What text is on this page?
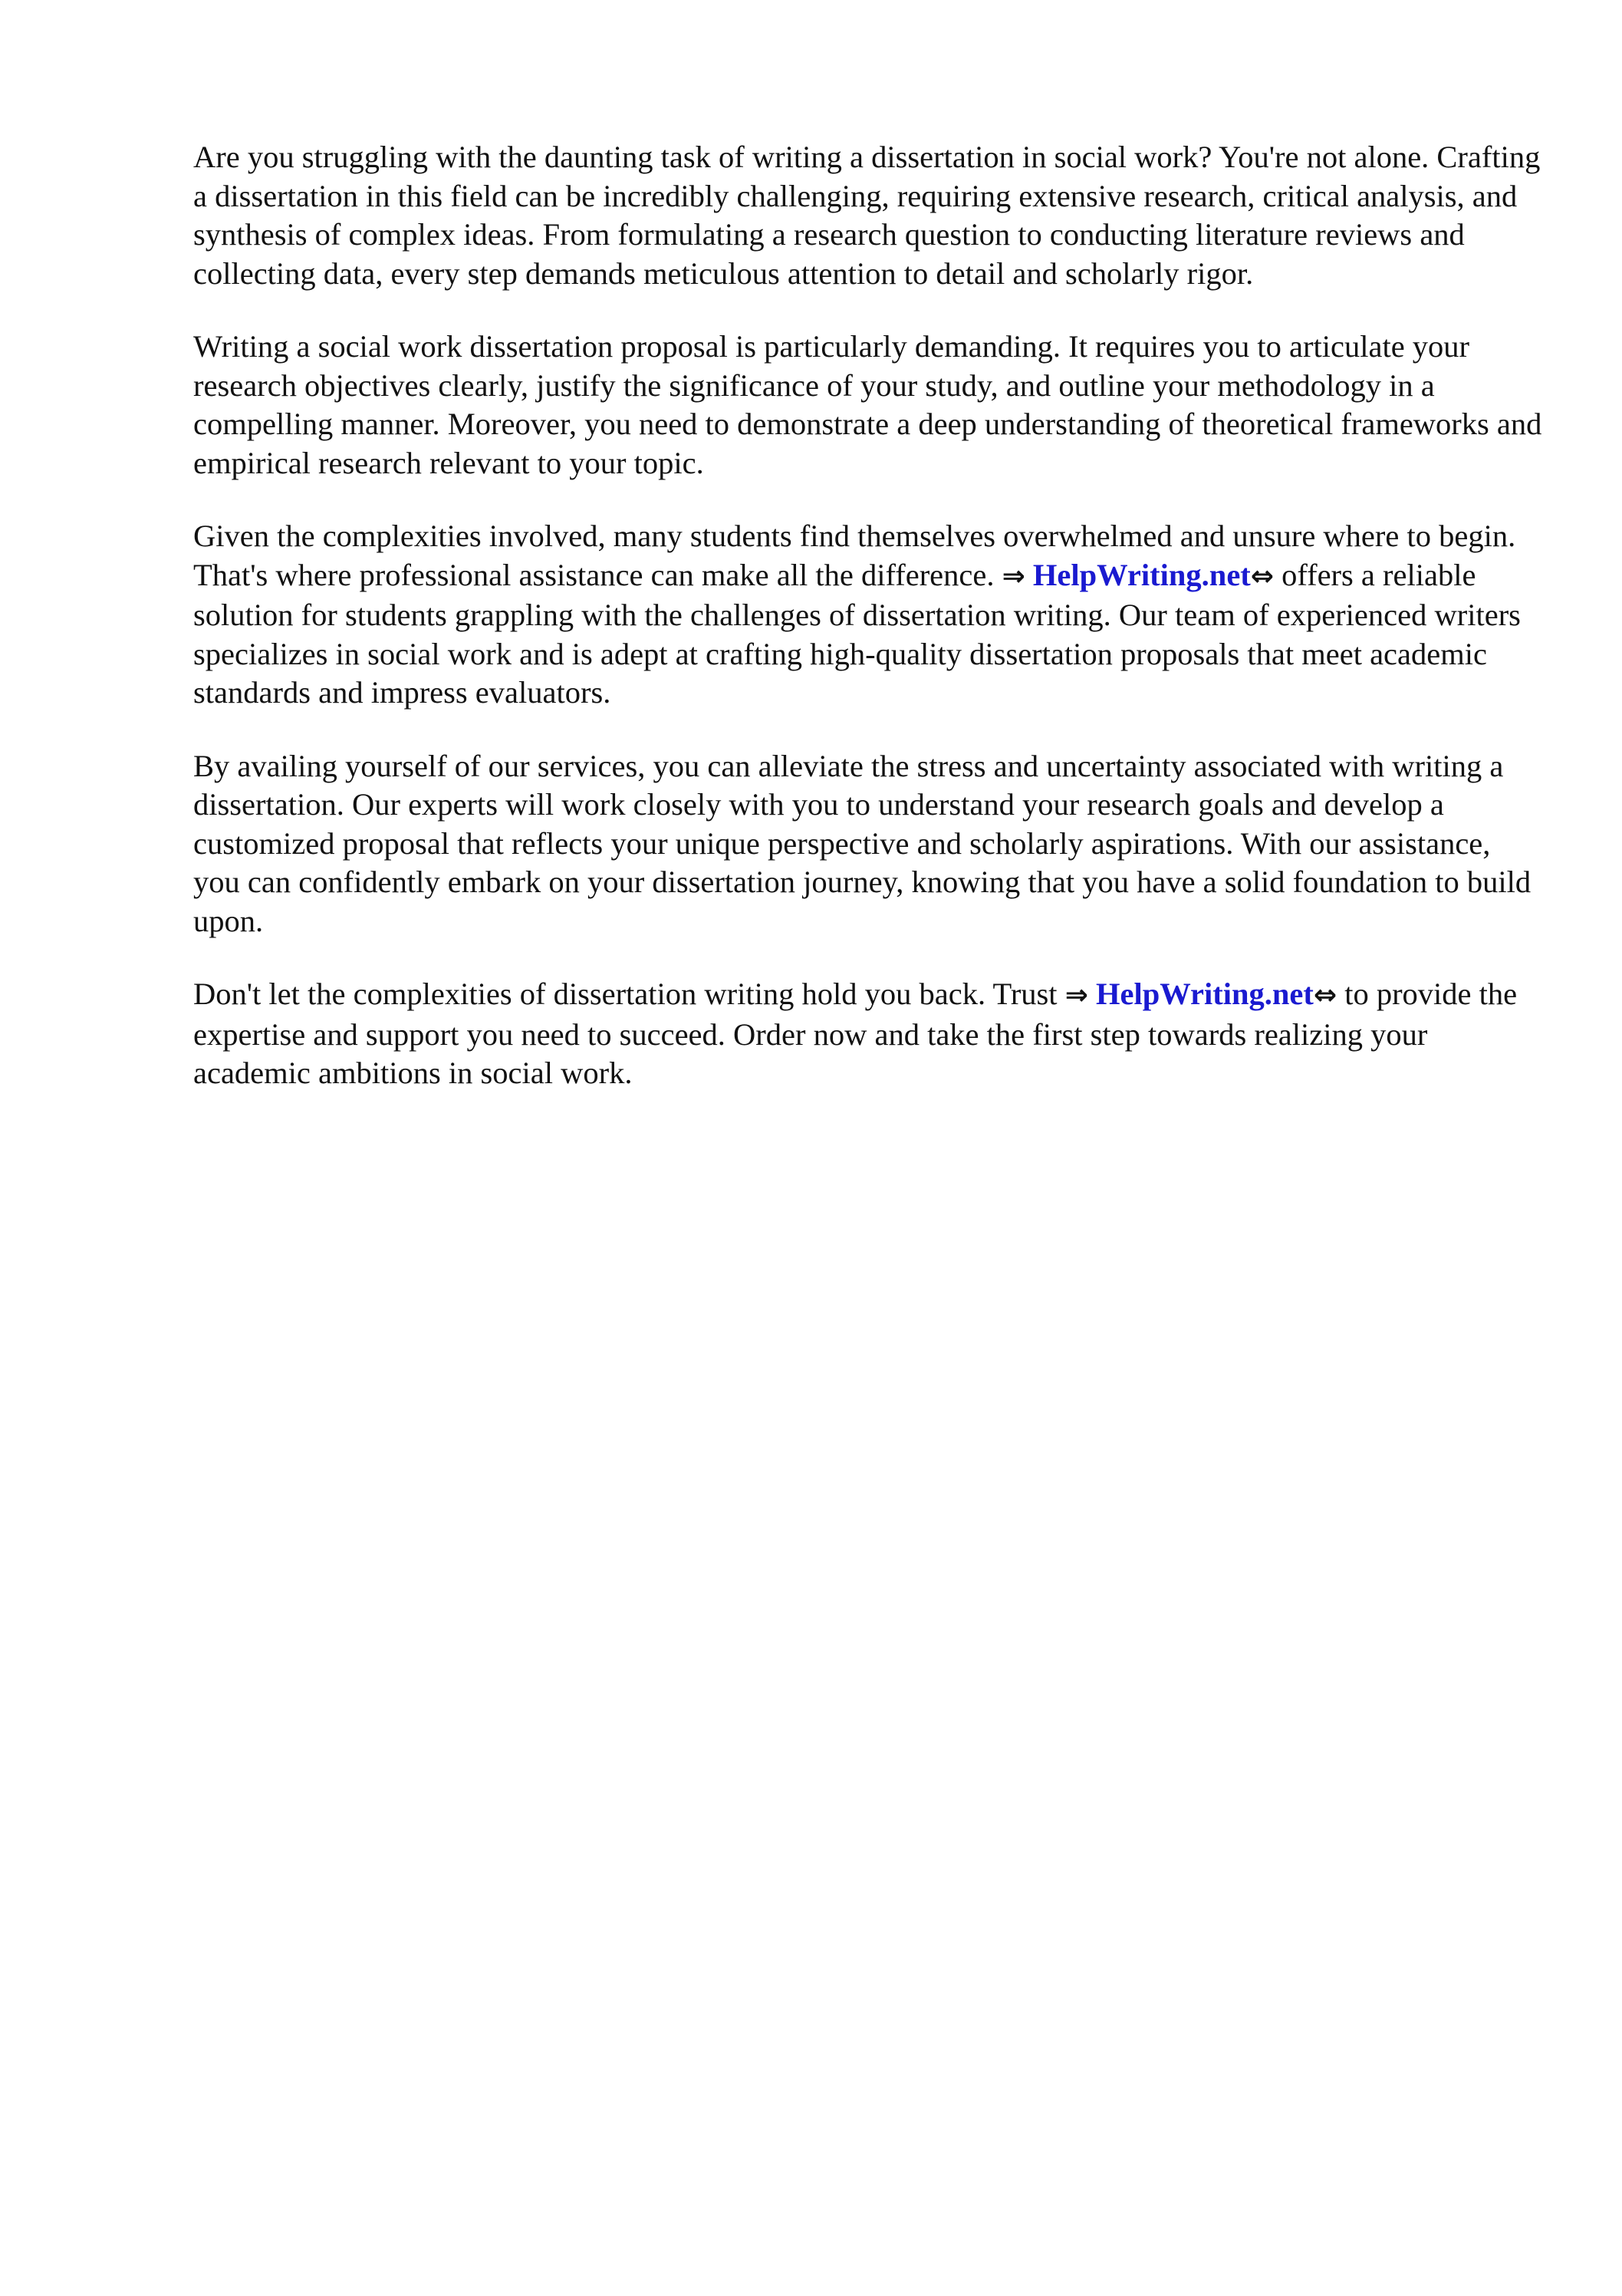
Are you struggling with the daunting task of writing a dissertation in social work? You're not alone. Crafting a dissertation in this field can be incredibly challenging, requiring extensive research, critical analysis, and synthesis of complex ideas. From formulating a research question to conducting literature reviews and collecting data, every step demands meticulous attention to detail and scholarly rigor.

Writing a social work dissertation proposal is particularly demanding. It requires you to articulate your research objectives clearly, justify the significance of your study, and outline your methodology in a compelling manner. Moreover, you need to demonstrate a deep understanding of theoretical frameworks and empirical research relevant to your topic.

Given the complexities involved, many students find themselves overwhelmed and unsure where to begin. That's where professional assistance can make all the difference. ⇒ HelpWriting.net⇔ offers a reliable solution for students grappling with the challenges of dissertation writing. Our team of experienced writers specializes in social work and is adept at crafting high-quality dissertation proposals that meet academic standards and impress evaluators.

By availing yourself of our services, you can alleviate the stress and uncertainty associated with writing a dissertation. Our experts will work closely with you to understand your research goals and develop a customized proposal that reflects your unique perspective and scholarly aspirations. With our assistance, you can confidently embark on your dissertation journey, knowing that you have a solid foundation to build upon.

Don't let the complexities of dissertation writing hold you back. Trust ⇒ HelpWriting.net⇔ to provide the expertise and support you need to succeed. Order now and take the first step towards realizing your academic ambitions in social work.
